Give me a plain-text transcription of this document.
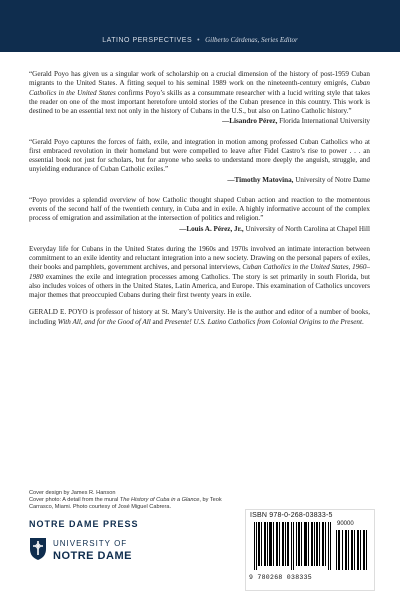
LATINO PERSPECTIVES • Gilberto Cárdenas, Series Editor

“Gerald Poyo has given us a singular work of scholarship on a crucial dimension of the history of post-1959 Cuban migrants to the United States. A fitting sequel to his seminal 1989 work on the nineteenth-century emigrés, Cuban Catholics in the United States confirms Poyo’s skills as a consummate researcher with a lucid writing style that takes the reader on one of the most important heretofore untold stories of the Cuban presence in this country. This work is destined to be an essential text not only in the history of Cubans in the U.S., but also on Latino Catholic history.”

—Lisandro Pérez, Florida International University

“Gerald Poyo captures the forces of faith, exile, and integration in motion among professed Cuban Catholics who at first embraced revolution in their homeland but were compelled to leave after Fidel Castro’s rise to power . . . an essential book not just for scholars, but for anyone who seeks to understand more deeply the anguish, struggle, and unyielding endurance of Cuban Catholic exiles.”

—Timothy Matovina, University of Notre Dame

“Poyo provides a splendid overview of how Catholic thought shaped Cuban action and reaction to the momentous events of the second half of the twentieth century, in Cuba and in exile. A highly informative account of the complex process of emigration and assimilation at the intersection of politics and religion.”

—Louis A. Pérez, Jr., University of North Carolina at Chapel Hill

Everyday life for Cubans in the United States during the 1960s and 1970s involved an intimate interaction between commitment to an exile identity and reluctant integration into a new society. Drawing on the personal papers of exiles, their books and pamphlets, government archives, and personal interviews, Cuban Catholics in the United States, 1960–1980 examines the exile and integration processes among Catholics. The story is set primarily in south Florida, but also includes voices of others in the United States, Latin America, and Europe. This examination of Catholics uncovers major themes that preoccupied Cubans during their first twenty years in exile.

GERALD E. POYO is professor of history at St. Mary’s University. He is the author and editor of a number of books, including With All, and for the Good of All and Presente! U.S. Latino Catholics from Colonial Origins to the Present.

Cover design by James R. Hanson
Cover photo: A detail from the mural The History of Cuba in a Glance, by Teok Carrasco, Miami. Photo courtesy of José Miguel Cabrera.
NOTRE DAME PRESS
UNIVERSITY OF
NOTRE DAME
ISBN 978-0-268-03833-5
90000
9 780268 038335
